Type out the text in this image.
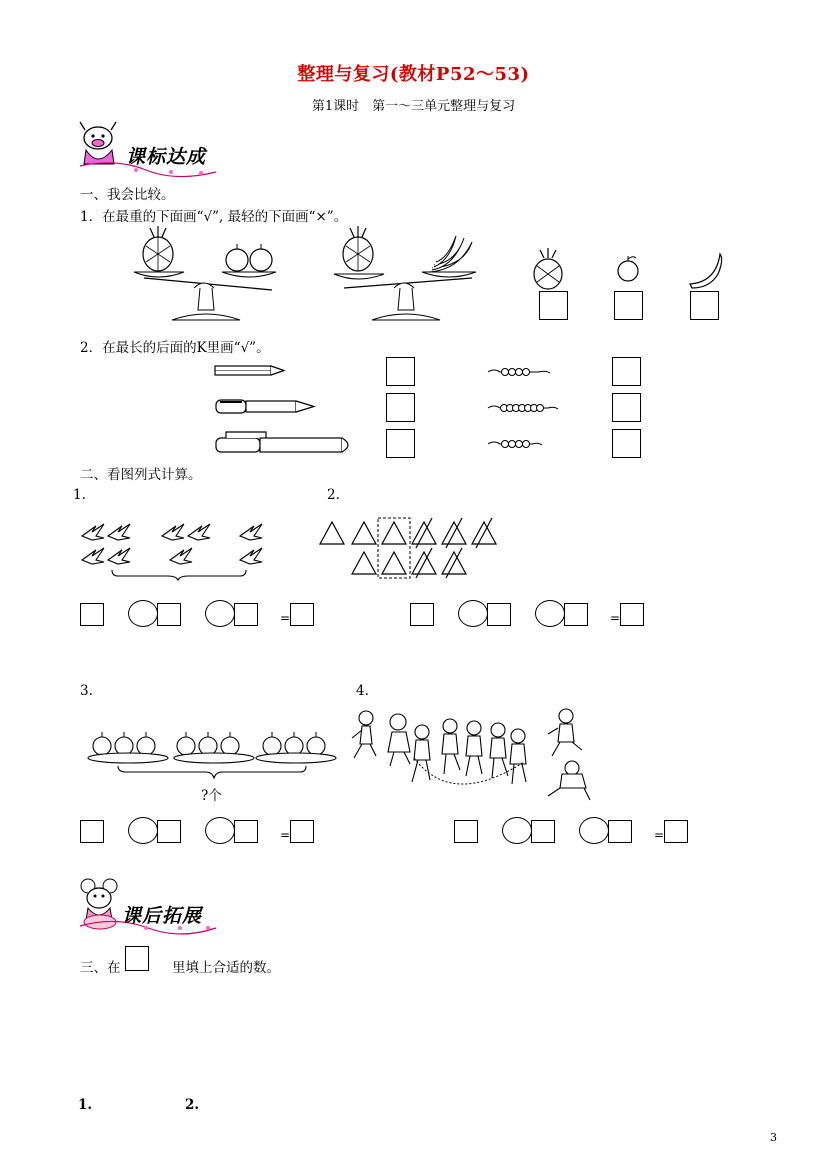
整理与复习(教材P52～53)
第1课时　第一～三单元整理与复习
课标达成
一、我会比较。
1．在最重的下面画“√”, 最轻的下面画“×”。
2．在最长的后面的K里画“√”。
二、看图列式计算。
1.	2.
=	=
3.	4.
?个
=	=
课后拓展
三、在	里填上合适的数。
1.	2.
3
